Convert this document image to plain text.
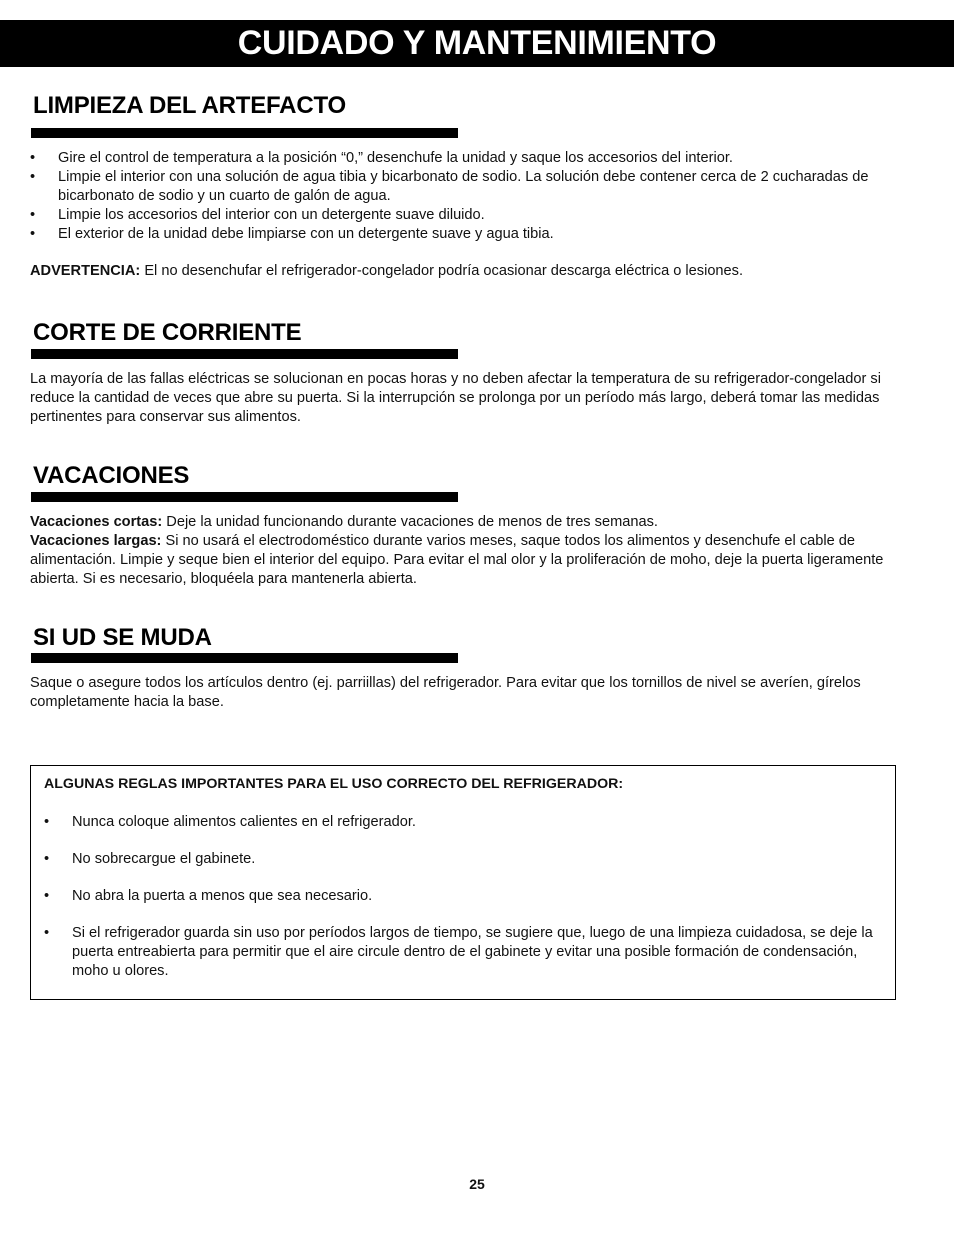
CUIDADO Y MANTENIMIENTO
LIMPIEZA DEL ARTEFACTO
• Gire el control de temperatura a la posición “0,” desenchufe la unidad y saque los accesorios del interior.
• Limpie el interior con una solución de agua tibia y bicarbonato de sodio. La solución debe contener cerca de 2 cucharadas de bicarbonato de sodio y un cuarto de galón de agua.
• Limpie los accesorios del interior con un detergente suave diluido.
• El exterior de la unidad debe limpiarse con un detergente suave y agua tibia.

ADVERTENCIA: El no desenchufar el refrigerador-congelador podría ocasionar descarga eléctrica o lesiones.

CORTE DE CORRIENTE

La mayoría de las fallas eléctricas se solucionan en pocas horas y no deben afectar la temperatura de su refrigerador-congelador si reduce la cantidad de veces que abre su puerta. Si la interrupción se prolonga por un período más largo, deberá tomar las medidas pertinentes para conservar sus alimentos.

VACACIONES

Vacaciones cortas: Deje la unidad funcionando durante vacaciones de menos de tres semanas.
Vacaciones largas: Si no usará el electrodoméstico durante varios meses, saque todos los alimentos y desenchufe el cable de alimentación. Limpie y seque bien el interior del equipo. Para evitar el mal olor y la proliferación de moho, deje la puerta ligeramente abierta. Si es necesario, bloquéela para mantenerla abierta.

SI UD SE MUDA

Saque o asegure todos los artículos dentro (ej. parriillas) del refrigerador. Para evitar que los tornillos de nivel se averíen, gírelos completamente hacia la base.

ALGUNAS REGLAS IMPORTANTES PARA EL USO CORRECTO DEL REFRIGERADOR:

• Nunca coloque alimentos calientes en el refrigerador.
• No sobrecargue el gabinete.
• No abra la puerta a menos que sea necesario.
• Si el refrigerador guarda sin uso por períodos largos de tiempo, se sugiere que, luego de una limpieza cuidadosa, se deje la puerta entreabierta para permitir que el aire circule dentro de el gabinete y evitar una posible formación de condensación, moho u olores.
25
